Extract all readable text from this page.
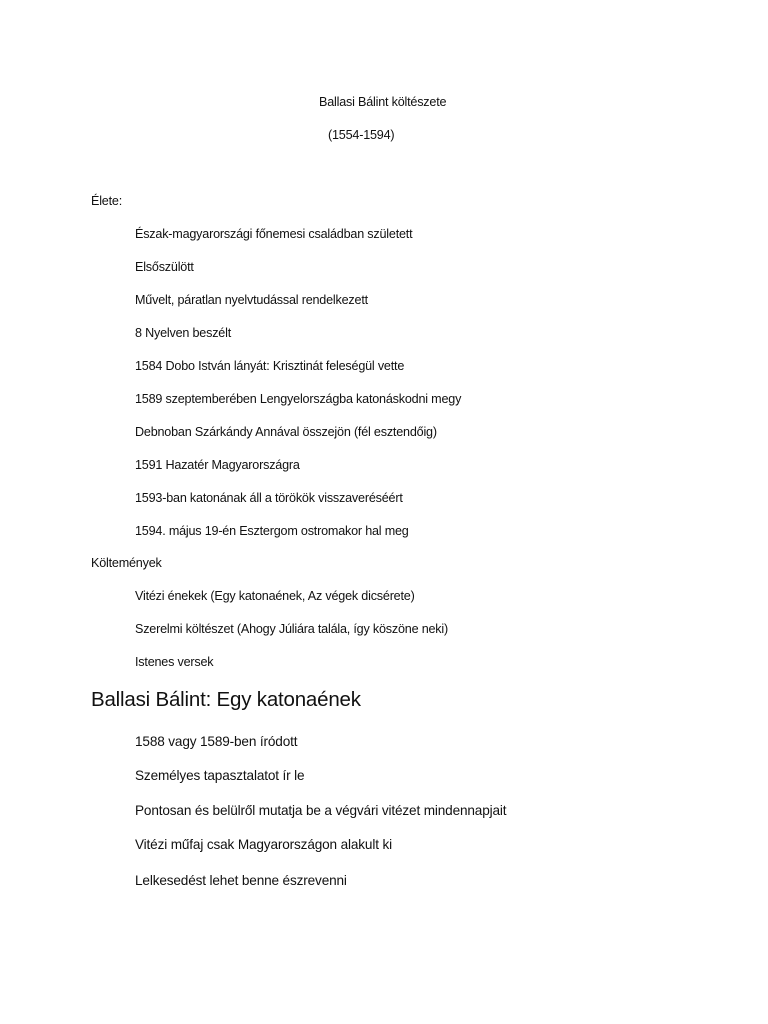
Ballasi Bálint költészete
(1554-1594)
Élete:
Észak-magyarországi főnemesi családban született
Elsőszülött
Művelt, páratlan nyelvtudással rendelkezett
8 Nyelven beszélt
1584 Dobo István lányát: Krisztinát feleségül vette
1589 szeptemberében Lengyelországba katonáskodni megy
Debnoban Szárkándy Annával összejön (fél esztendőig)
1591 Hazatér Magyarországra
1593-ban katonának áll a törökök visszaveréséért
1594. május 19-én Esztergom ostromakor hal meg
Költemények
Vitézi énekek (Egy katonaének, Az végek dicsérete)
Szerelmi költészet (Ahogy Júliára talála, így köszöne neki)
Istenes versek
Ballasi Bálint: Egy katonaének
1588 vagy 1589-ben íródott
Személyes tapasztalatot ír le
Pontosan és belülről mutatja be a végvári vitézet mindennapjait
Vitézi műfaj csak Magyarországon alakult ki
Lelkesedést lehet benne észrevenni
